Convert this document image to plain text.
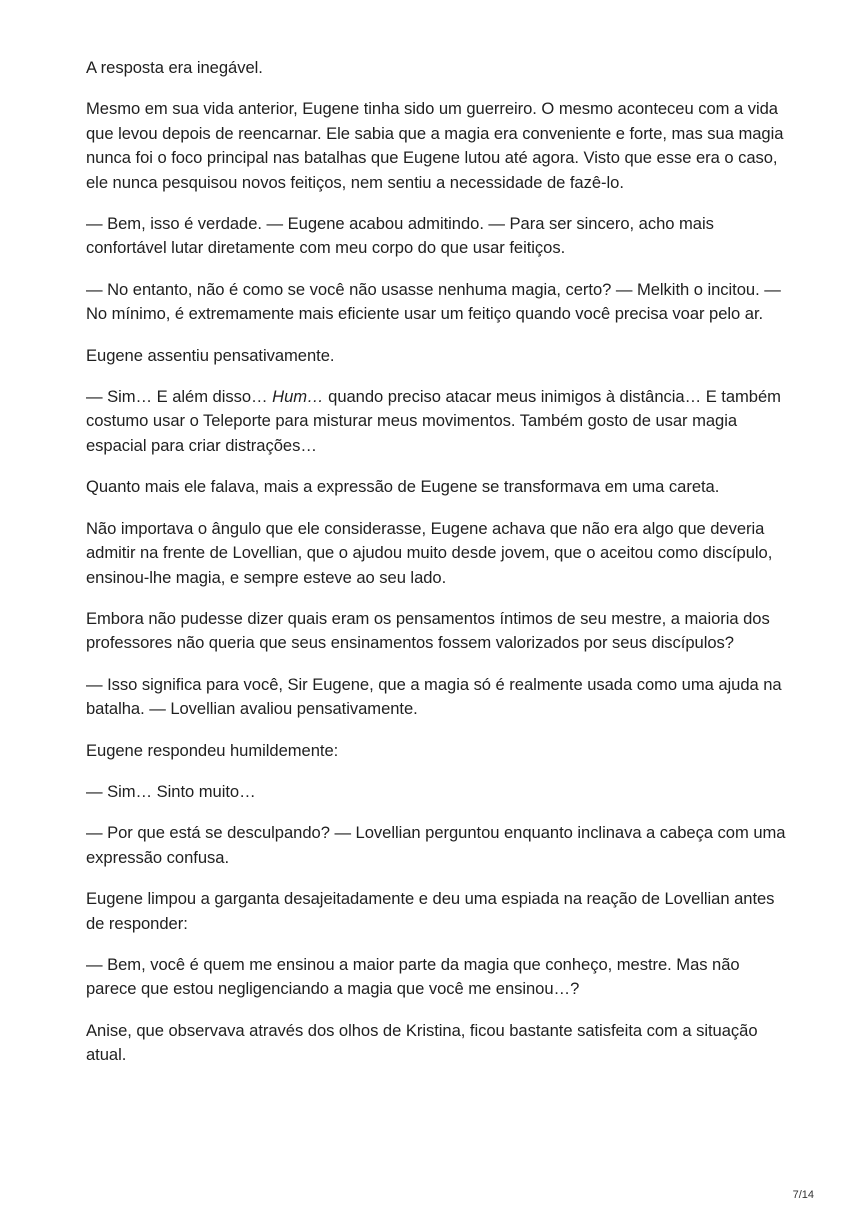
A resposta era inegável.

Mesmo em sua vida anterior, Eugene tinha sido um guerreiro. O mesmo aconteceu com a vida que levou depois de reencarnar. Ele sabia que a magia era conveniente e forte, mas sua magia nunca foi o foco principal nas batalhas que Eugene lutou até agora. Visto que esse era o caso, ele nunca pesquisou novos feitiços, nem sentiu a necessidade de fazê-lo.

— Bem, isso é verdade. — Eugene acabou admitindo. — Para ser sincero, acho mais confortável lutar diretamente com meu corpo do que usar feitiços.

— No entanto, não é como se você não usasse nenhuma magia, certo? — Melkith o incitou. — No mínimo, é extremamente mais eficiente usar um feitiço quando você precisa voar pelo ar.

Eugene assentiu pensativamente.

— Sim… E além disso… Hum… quando preciso atacar meus inimigos à distância… E também costumo usar o Teleporte para misturar meus movimentos. Também gosto de usar magia espacial para criar distrações…

Quanto mais ele falava, mais a expressão de Eugene se transformava em uma careta.

Não importava o ângulo que ele considerasse, Eugene achava que não era algo que deveria admitir na frente de Lovellian, que o ajudou muito desde jovem, que o aceitou como discípulo, ensinou-lhe magia, e sempre esteve ao seu lado.

Embora não pudesse dizer quais eram os pensamentos íntimos de seu mestre, a maioria dos professores não queria que seus ensinamentos fossem valorizados por seus discípulos?

— Isso significa para você, Sir Eugene, que a magia só é realmente usada como uma ajuda na batalha. — Lovellian avaliou pensativamente.

Eugene respondeu humildemente:

— Sim… Sinto muito…

— Por que está se desculpando? — Lovellian perguntou enquanto inclinava a cabeça com uma expressão confusa.

Eugene limpou a garganta desajeitadamente e deu uma espiada na reação de Lovellian antes de responder:

— Bem, você é quem me ensinou a maior parte da magia que conheço, mestre. Mas não parece que estou negligenciando a magia que você me ensinou…?

Anise, que observava através dos olhos de Kristina, ficou bastante satisfeita com a situação atual.

7/14
